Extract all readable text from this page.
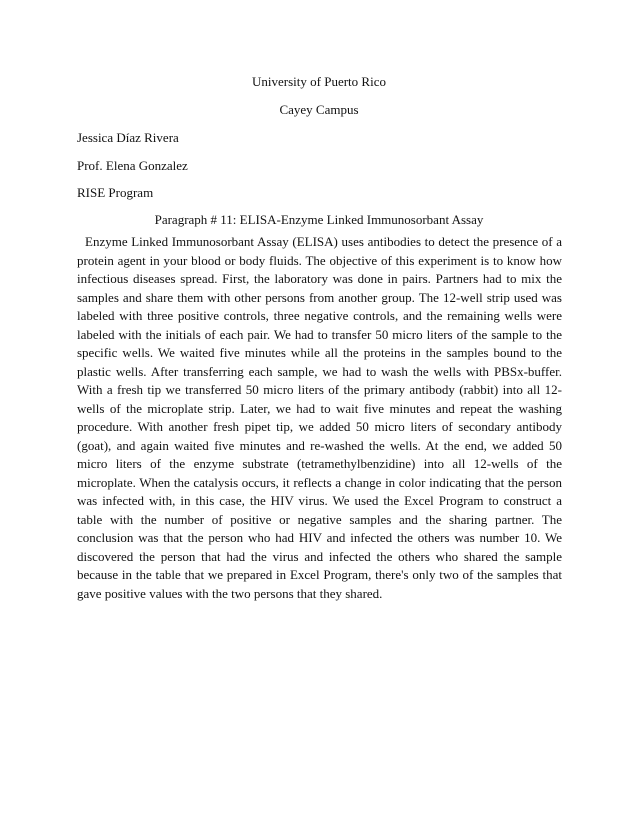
University of Puerto Rico
Cayey Campus
Jessica Díaz Rivera
Prof. Elena Gonzalez
RISE Program
Paragraph # 11: ELISA-Enzyme Linked Immunosorbant Assay

Enzyme Linked Immunosorbant Assay (ELISA) uses antibodies to detect the presence of a protein agent in your blood or body fluids. The objective of this experiment is to know how infectious diseases spread. First, the laboratory was done in pairs. Partners had to mix the samples and share them with other persons from another group. The 12-well strip used was labeled with three positive controls, three negative controls, and the remaining wells were labeled with the initials of each pair. We had to transfer 50 micro liters of the sample to the specific wells. We waited five minutes while all the proteins in the samples bound to the plastic wells. After transferring each sample, we had to wash the wells with PBSx-buffer. With a fresh tip we transferred 50 micro liters of the primary antibody (rabbit) into all 12-wells of the microplate strip. Later, we had to wait five minutes and repeat the washing procedure. With another fresh pipet tip, we added 50 micro liters of secondary antibody (goat), and again waited five minutes and re-washed the wells. At the end, we added 50 micro liters of the enzyme substrate (tetramethylbenzidine) into all 12-wells of the microplate. When the catalysis occurs, it reflects a change in color indicating that the person was infected with, in this case, the HIV virus. We used the Excel Program to construct a table with the number of positive or negative samples and the sharing partner. The conclusion was that the person who had HIV and infected the others was number 10. We discovered the person that had the virus and infected the others who shared the sample because in the table that we prepared in Excel Program, there's only two of the samples that gave positive values with the two persons that they shared.
